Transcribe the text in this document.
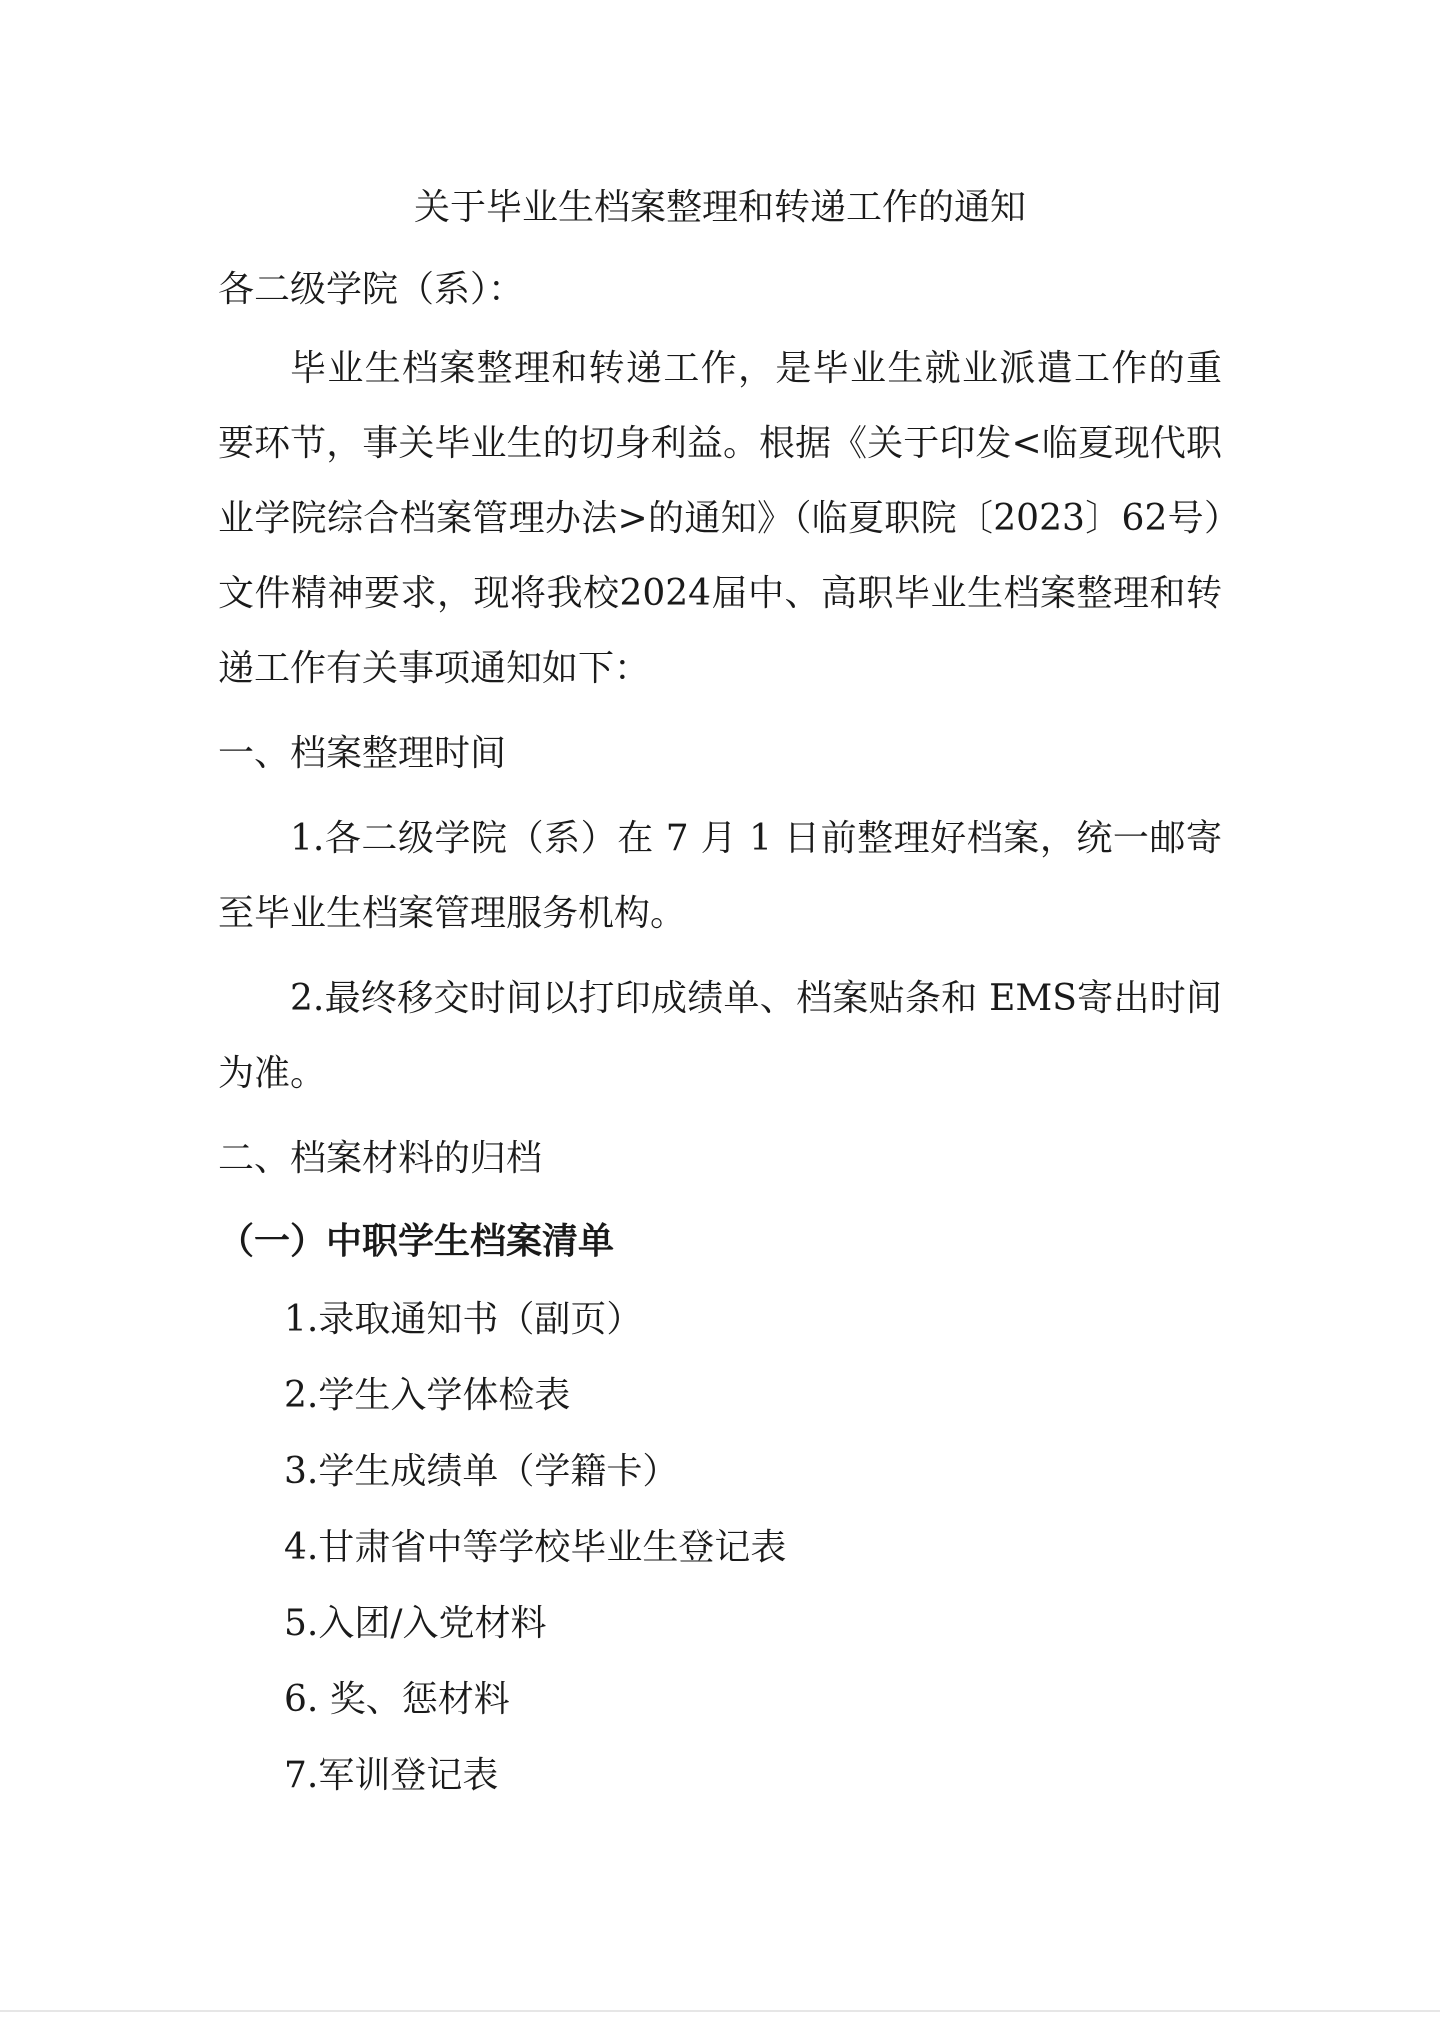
关于毕业生档案整理和转递工作的通知
各二级学院（系）：
毕业生档案整理和转递工作，是毕业生就业派遣工作的重要环节，事关毕业生的切身利益。根据《关于印发<临夏现代职业学院综合档案管理办法>的通知》（临夏职院〔2023〕62号）文件精神要求，现将我校2024届中、高职毕业生档案整理和转递工作有关事项通知如下：
一、档案整理时间
1.各二级学院（系）在 7 月 1 日前整理好档案，统一邮寄至毕业生档案管理服务机构。
2.最终移交时间以打印成绩单、档案贴条和 EMS寄出时间为准。
二、档案材料的归档
（一）中职学生档案清单
1.录取通知书（副页）
2.学生入学体检表
3.学生成绩单（学籍卡）
4.甘肃省中等学校毕业生登记表
5.入团/入党材料
6. 奖、惩材料
7.军训登记表
